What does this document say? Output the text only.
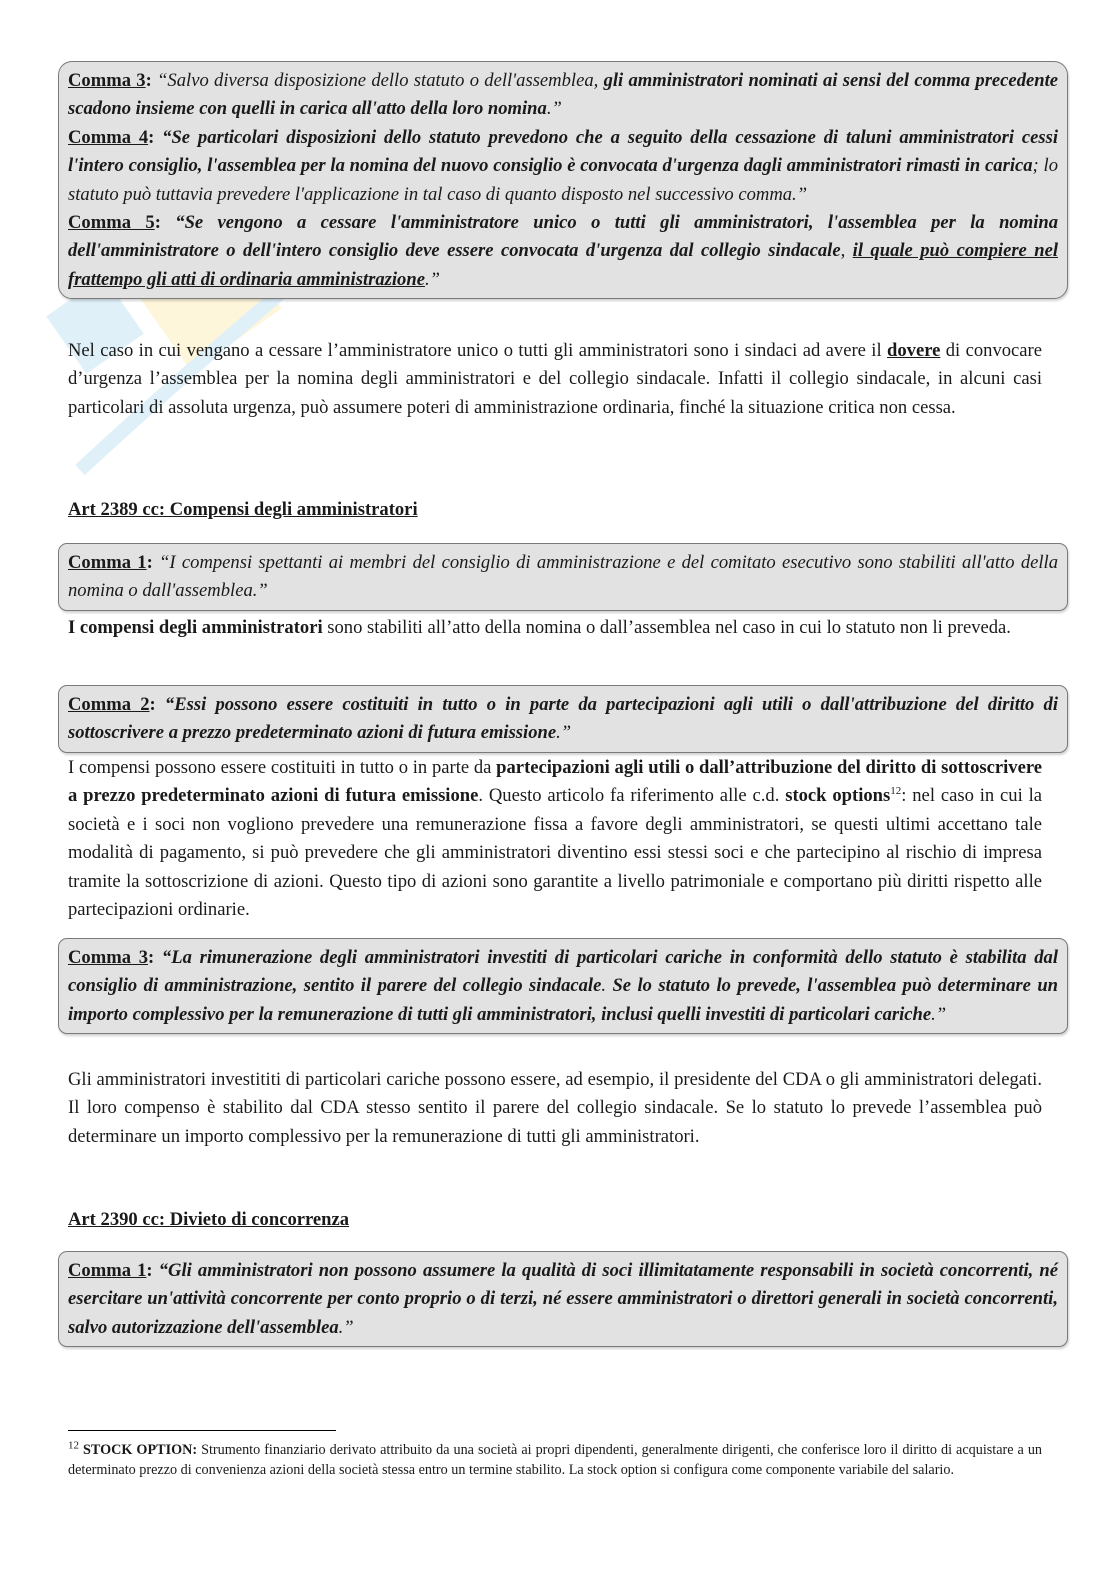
Comma 3: “Salvo diversa disposizione dello statuto o dell'assemblea, gli amministratori nominati ai sensi del comma precedente scadono insieme con quelli in carica all'atto della loro nomina.”
Comma 4: “Se particolari disposizioni dello statuto prevedono che a seguito della cessazione di taluni amministratori cessi l'intero consiglio, l'assemblea per la nomina del nuovo consiglio è convocata d'urgenza dagli amministratori rimasti in carica; lo statuto può tuttavia prevedere l'applicazione in tal caso di quanto disposto nel successivo comma.”
Comma 5: “Se vengono a cessare l'amministratore unico o tutti gli amministratori, l'assemblea per la nomina dell'amministratore o dell'intero consiglio deve essere convocata d'urgenza dal collegio sindacale, il quale può compiere nel frattempo gli atti di ordinaria amministrazione.”
Nel caso in cui vengano a cessare l’amministratore unico o tutti gli amministratori sono i sindaci ad avere il dovere di convocare d’urgenza l’assemblea per la nomina degli amministratori e del collegio sindacale. Infatti il collegio sindacale, in alcuni casi particolari di assoluta urgenza, può assumere poteri di amministrazione ordinaria, finché la situazione critica non cessa.
Art 2389 cc: Compensi degli amministratori
Comma 1: “I compensi spettanti ai membri del consiglio di amministrazione e del comitato esecutivo sono stabiliti all'atto della nomina o dall'assemblea.”
I compensi degli amministratori sono stabiliti all’atto della nomina o dall’assemblea nel caso in cui lo statuto non li preveda.
Comma 2: “Essi possono essere costituiti in tutto o in parte da partecipazioni agli utili o dall'attribuzione del diritto di sottoscrivere a prezzo predeterminato azioni di futura emissione.”
I compensi possono essere costituiti in tutto o in parte da partecipazioni agli utili o dall’attribuzione del diritto di sottoscrivere a prezzo predeterminato azioni di futura emissione. Questo articolo fa riferimento alle c.d. stock options$^{12}$: nel caso in cui la società e i soci non vogliono prevedere una remunerazione fissa a favore degli amministratori, se questi ultimi accettano tale modalità di pagamento, si può prevedere che gli amministratori diventino essi stessi soci e che partecipino al rischio di impresa tramite la sottoscrizione di azioni. Questo tipo di azioni sono garantite a livello patrimoniale e comportano più diritti rispetto alle partecipazioni ordinarie.
Comma 3: “La rimunerazione degli amministratori investiti di particolari cariche in conformità dello statuto è stabilita dal consiglio di amministrazione, sentito il parere del collegio sindacale. Se lo statuto lo prevede, l'assemblea può determinare un importo complessivo per la remunerazione di tutti gli amministratori, inclusi quelli investiti di particolari cariche.”
Gli amministratori investititi di particolari cariche possono essere, ad esempio, il presidente del CDA o gli amministratori delegati. Il loro compenso è stabilito dal CDA stesso sentito il parere del collegio sindacale. Se lo statuto lo prevede l’assemblea può determinare un importo complessivo per la remunerazione di tutti gli amministratori.
Art 2390 cc: Divieto di concorrenza
Comma 1: “Gli amministratori non possono assumere la qualità di soci illimitatamente responsabili in società concorrenti, né esercitare un'attività concorrente per conto proprio o di terzi, né essere amministratori o direttori generali in società concorrenti, salvo autorizzazione dell'assemblea.”
$^{12}$ STOCK OPTION: Strumento finanziario derivato attribuito da una società ai propri dipendenti, generalmente dirigenti, che conferisce loro il diritto di acquistare a un determinato prezzo di convenienza azioni della società stessa entro un termine stabilito. La stock option si configura come componente variabile del salario.
